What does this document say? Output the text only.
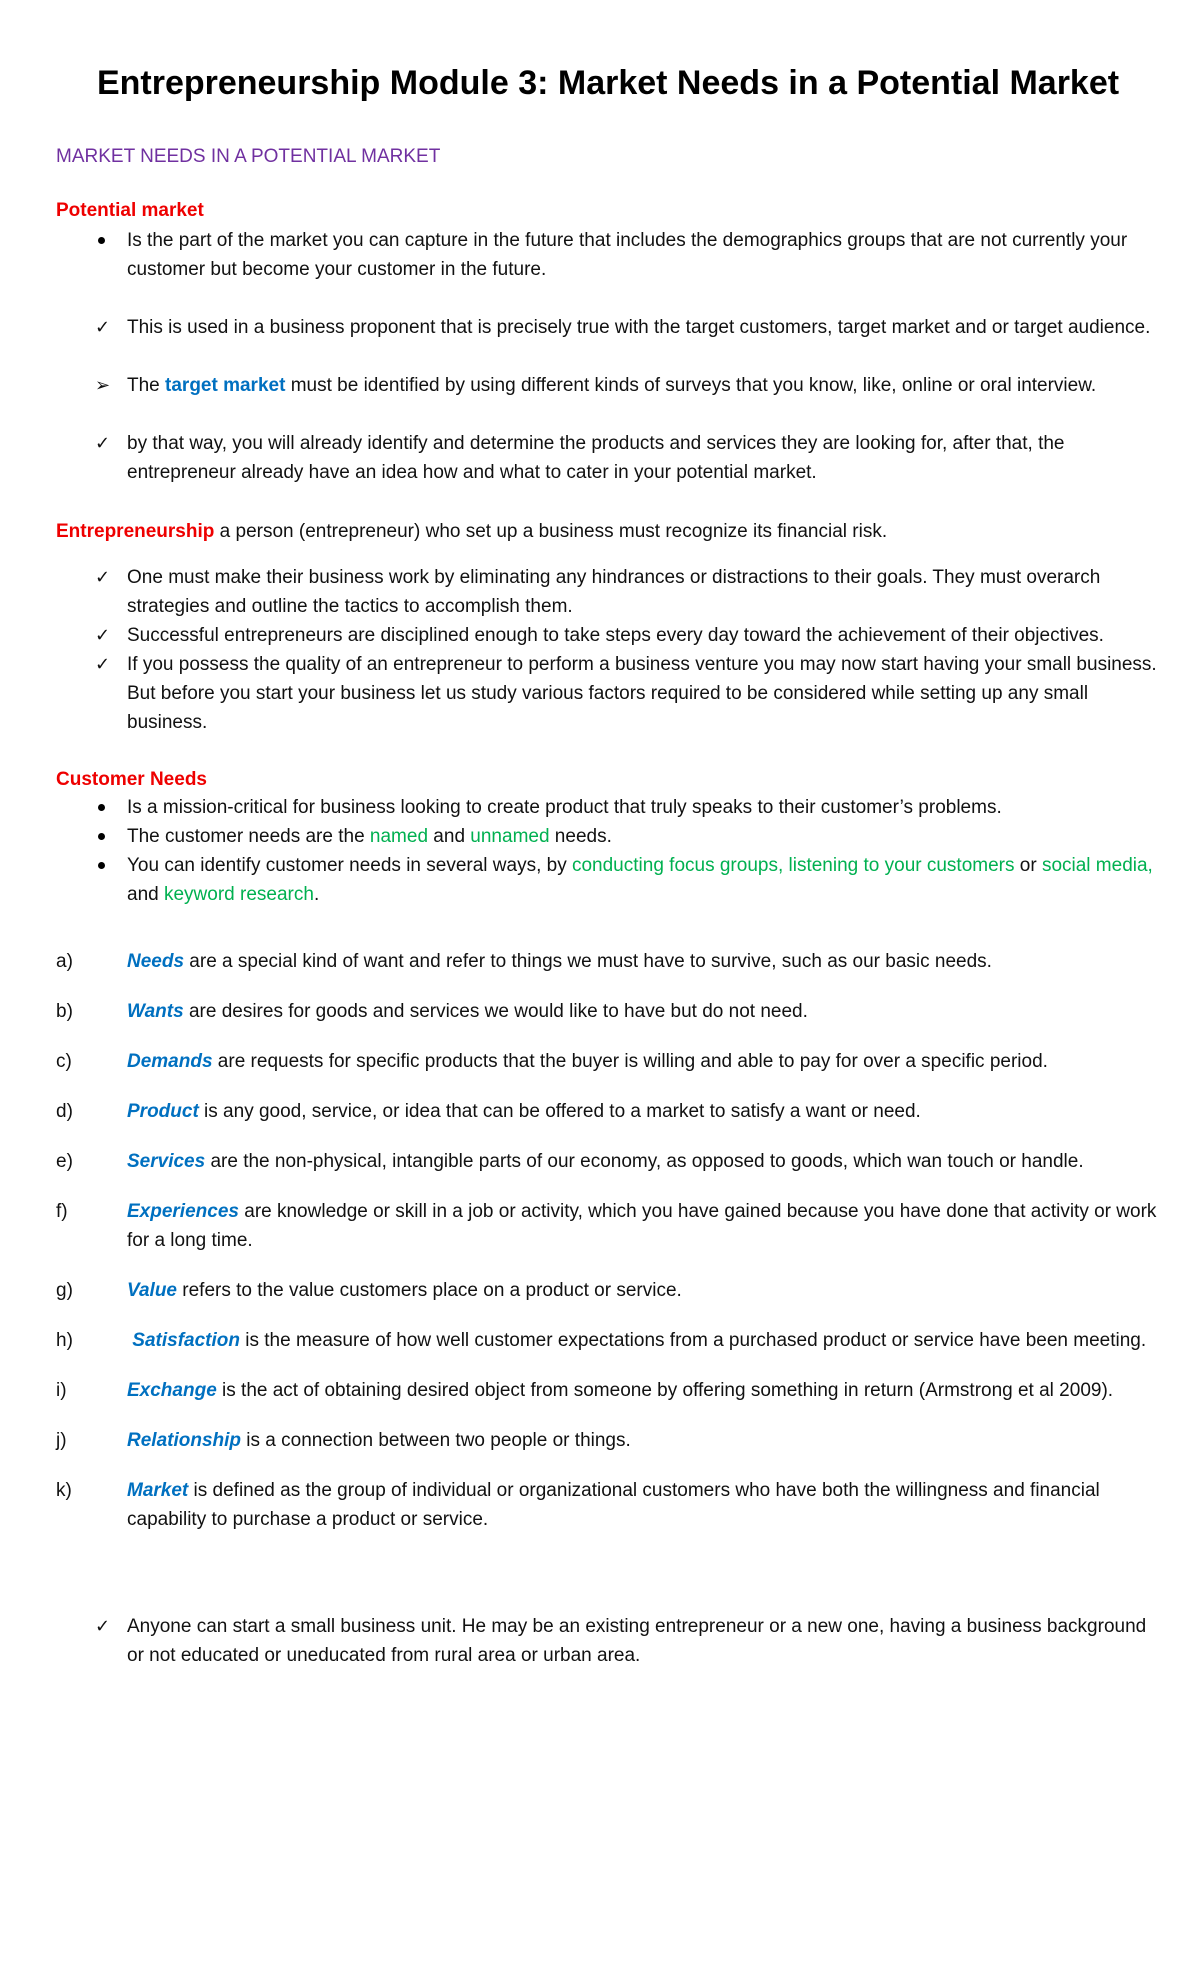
Entrepreneurship Module 3: Market Needs in a Potential Market
MARKET NEEDS IN A POTENTIAL MARKET
Potential market
Is the part of the market you can capture in the future that includes the demographics groups that are not currently your customer but become your customer in the future.
✓ This is used in a business proponent that is precisely true with the target customers, target market and or target audience.
➢ The target market must be identified by using different kinds of surveys that you know, like, online or oral interview.
✓ by that way, you will already identify and determine the products and services they are looking for, after that, the entrepreneur already have an idea how and what to cater in your potential market.
Entrepreneurship a person (entrepreneur) who set up a business must recognize its financial risk.
✓ One must make their business work by eliminating any hindrances or distractions to their goals. They must overarch strategies and outline the tactics to accomplish them.
✓ Successful entrepreneurs are disciplined enough to take steps every day toward the achievement of their objectives.
✓ If you possess the quality of an entrepreneur to perform a business venture you may now start having your small business. But before you start your business let us study various factors required to be considered while setting up any small business.
Customer Needs
Is a mission-critical for business looking to create product that truly speaks to their customer’s problems.
The customer needs are the named and unnamed needs.
You can identify customer needs in several ways, by conducting focus groups, listening to your customers or social media, and keyword research.
a)	Needs are a special kind of want and refer to things we must have to survive, such as our basic needs.
b)	Wants are desires for goods and services we would like to have but do not need.
c)	Demands are requests for specific products that the buyer is willing and able to pay for over a specific period.
d)	Product is any good, service, or idea that can be offered to a market to satisfy a want or need.
e)	Services are the non-physical, intangible parts of our economy, as opposed to goods, which wan touch or handle.
f)	Experiences are knowledge or skill in a job or activity, which you have gained because you have done that activity or work for a long time.
g)	Value refers to the value customers place on a product or service.
h)	Satisfaction is the measure of how well customer expectations from a purchased product or service have been meeting.
i)	Exchange is the act of obtaining desired object from someone by offering something in return (Armstrong et al 2009).
j)	Relationship is a connection between two people or things.
k)	Market is defined as the group of individual or organizational customers who have both the willingness and financial capability to purchase a product or service.
✓ Anyone can start a small business unit. He may be an existing entrepreneur or a new one, having a business background or not educated or uneducated from rural area or urban area.
